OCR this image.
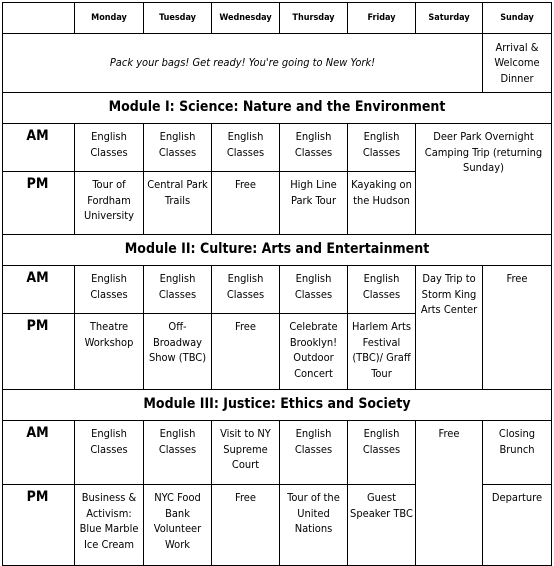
	Monday	Tuesday	Wednesday	Thursday	Friday	Saturday	Sunday
Pack your bags! Get ready! You're going to New York!							Arrival & Welcome Dinner
Module I: Science: Nature and the Environment							
AM	English Classes	English Classes	English Classes	English Classes	English Classes	Deer Park Overnight Camping Trip (returning Sunday)	
PM	Tour of Fordham University	Central Park Trails	Free	High Line Park Tour	Kayaking on the Hudson		
Module II: Culture: Arts and Entertainment							
AM	English Classes	English Classes	English Classes	English Classes	English Classes	Day Trip to Storm King Arts Center	Free
PM	Theatre Workshop	Off-Broadway Show (TBC)	Free	Celebrate Brooklyn! Outdoor Concert	Harlem Arts Festival (TBC)/ Graff Tour		
Module III: Justice: Ethics and Society							
AM	English Classes	English Classes	Visit to NY Supreme Court	English Classes	English Classes	Free	Closing Brunch
PM	Business & Activism: Blue Marble Ice Cream	NYC Food Bank Volunteer Work	Free	Tour of the United Nations	Guest Speaker TBC		Departure
